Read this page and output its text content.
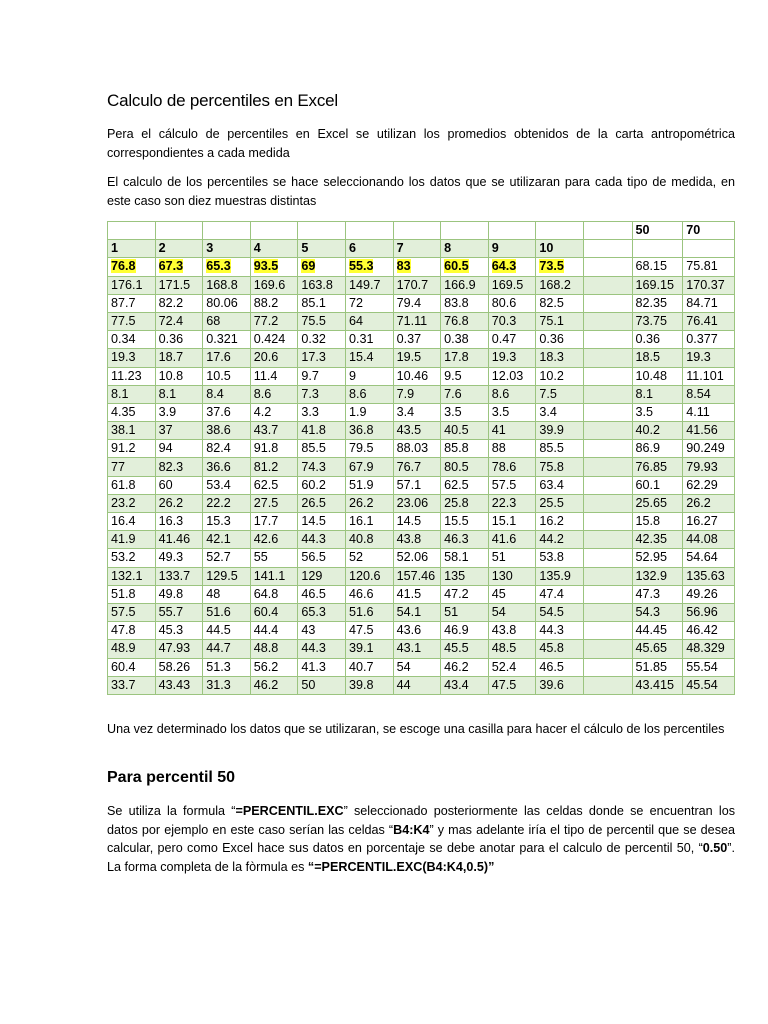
Calculo de percentiles en Excel
Pera el cálculo de percentiles en Excel se utilizan los promedios obtenidos de la carta antropométrica correspondientes a cada medida
El calculo de los percentiles se hace seleccionando los datos que se utilizaran para cada tipo de medida, en este caso son diez muestras distintas
											50	70
1	2	3	4	5	6	7	8	9	10			
76.8	67.3	65.3	93.5	69	55.3	83	60.5	64.3	73.5		68.15	75.81
176.1	171.5	168.8	169.6	163.8	149.7	170.7	166.9	169.5	168.2		169.15	170.37
87.7	82.2	80.06	88.2	85.1	72	79.4	83.8	80.6	82.5		82.35	84.71
77.5	72.4	68	77.2	75.5	64	71.11	76.8	70.3	75.1		73.75	76.41
0.34	0.36	0.321	0.424	0.32	0.31	0.37	0.38	0.47	0.36		0.36	0.377
19.3	18.7	17.6	20.6	17.3	15.4	19.5	17.8	19.3	18.3		18.5	19.3
11.23	10.8	10.5	11.4	9.7	9	10.46	9.5	12.03	10.2		10.48	11.101
8.1	8.1	8.4	8.6	7.3	8.6	7.9	7.6	8.6	7.5		8.1	8.54
4.35	3.9	37.6	4.2	3.3	1.9	3.4	3.5	3.5	3.4		3.5	4.11
38.1	37	38.6	43.7	41.8	36.8	43.5	40.5	41	39.9		40.2	41.56
91.2	94	82.4	91.8	85.5	79.5	88.03	85.8	88	85.5		86.9	90.249
77	82.3	36.6	81.2	74.3	67.9	76.7	80.5	78.6	75.8		76.85	79.93
61.8	60	53.4	62.5	60.2	51.9	57.1	62.5	57.5	63.4		60.1	62.29
23.2	26.2	22.2	27.5	26.5	26.2	23.06	25.8	22.3	25.5		25.65	26.2
16.4	16.3	15.3	17.7	14.5	16.1	14.5	15.5	15.1	16.2		15.8	16.27
41.9	41.46	42.1	42.6	44.3	40.8	43.8	46.3	41.6	44.2		42.35	44.08
53.2	49.3	52.7	55	56.5	52	52.06	58.1	51	53.8		52.95	54.64
132.1	133.7	129.5	141.1	129	120.6	157.46	135	130	135.9		132.9	135.63
51.8	49.8	48	64.8	46.5	46.6	41.5	47.2	45	47.4		47.3	49.26
57.5	55.7	51.6	60.4	65.3	51.6	54.1	51	54	54.5		54.3	56.96
47.8	45.3	44.5	44.4	43	47.5	43.6	46.9	43.8	44.3		44.45	46.42
48.9	47.93	44.7	48.8	44.3	39.1	43.1	45.5	48.5	45.8		45.65	48.329
60.4	58.26	51.3	56.2	41.3	40.7	54	46.2	52.4	46.5		51.85	55.54
33.7	43.43	31.3	46.2	50	39.8	44	43.4	47.5	39.6		43.415	45.54
Una vez determinado los datos que se utilizaran, se escoge una casilla para hacer el cálculo de los percentiles
Para percentil 50
Se utiliza la formula “=PERCENTIL.EXC” seleccionado posteriormente las celdas donde se encuentran los datos por ejemplo en este caso serían las celdas “B4:K4” y mas adelante iría el tipo de percentil que se desea calcular, pero como Excel hace sus datos en porcentaje se debe anotar para el calculo de percentil 50, “0.50”. La forma completa de la fòrmula es “=PERCENTIL.EXC(B4:K4,0.5)”
